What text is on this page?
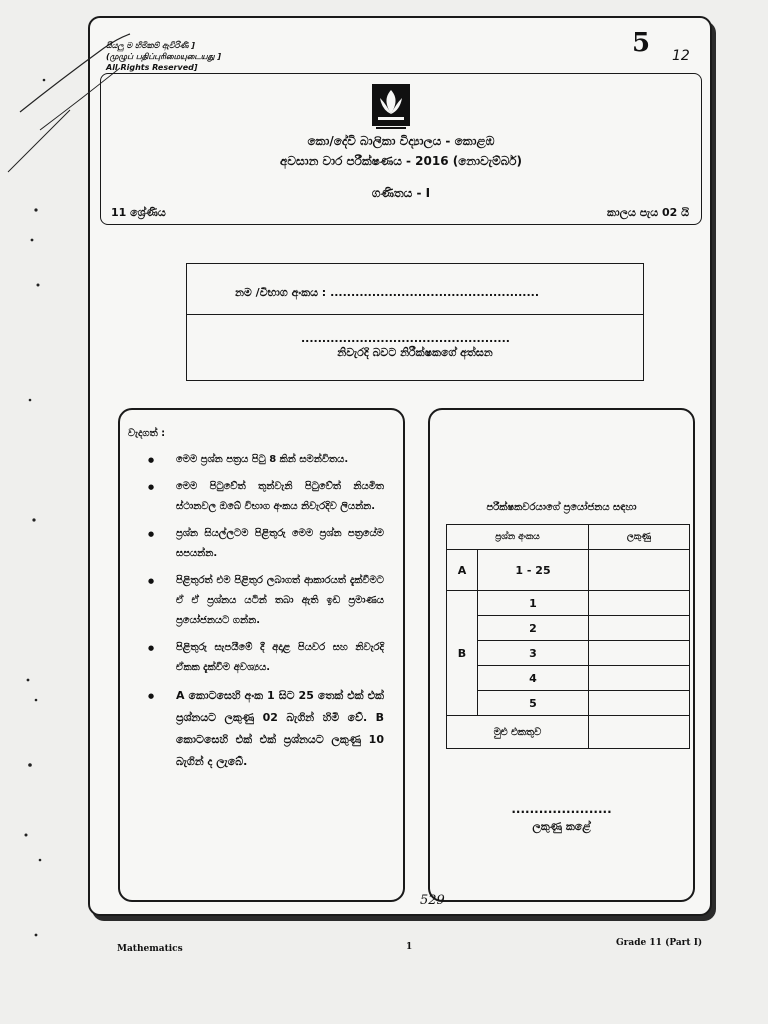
සියලු ම හිමිකම් ඇවිරිණි ]
(முழுப் பதிப்புரிமையுடையது ]
All Rights Reserved]
5 12
කො/දේවි බාලිකා විද්‍යාලය - කොළඹ
අවසාන වාර පරීක්ෂණය - 2016 (නොවැම්බර්)
ගණිතය - I
11 ශ්‍රේණිය	කාලය පැය 02 යි
නම /විභාග අංකය : ..................................................
..................................................
නිවැරදි බවට නිරීක්ෂකගේ අත්සන
වැදගත් :
● මෙම ප්‍රශ්න පත්‍රය පිටු 8 කින් සමන්විතය.
● මෙම පිටුවේත් තුන්වැනි පිටුවේත් නියමිත ස්ථානවල ඔබේ විභාග අංකය නිවැරදිව ලියන්න.
● ප්‍රශ්න සියල්ලටම පිළිතුරු මෙම ප්‍රශ්න පත්‍රයේම සපයන්න.
● පිළිතුරත් එම පිළිතුර ලබාගත් ආකාරයත් දැක්වීමට ඒ ඒ ප්‍රශ්නය යටින් තබා ඇති ඉඩ ප්‍රමාණය ප්‍රයෝජනයට ගන්න.
● පිළිතුරු සැපයීමේ දී අදාළ පියවර සහ නිවැරදි ඒකක දැක්වීම අවශ්‍යය.
● A කොටසෙහි අංක 1 සිට 25 තෙක් එක් එක් ප්‍රශ්නයට ලකුණු 02 බැගින් හිමි වේ. B කොටසෙහි එක් එක් ප්‍රශ්නයට ලකුණු 10 බැගින් ද ලැබේ.
පරීක්ෂකවරයාගේ ප්‍රයෝජනය සඳහා
ප්‍රශ්න අංකය		ලකුණු
A	1 - 25	
B	1	
	2	
	3	
	4	
	5	
මුළු එකතුව		
......................
ලකුණු කළේ
529
Mathematics	1	Grade 11 (Part I)
